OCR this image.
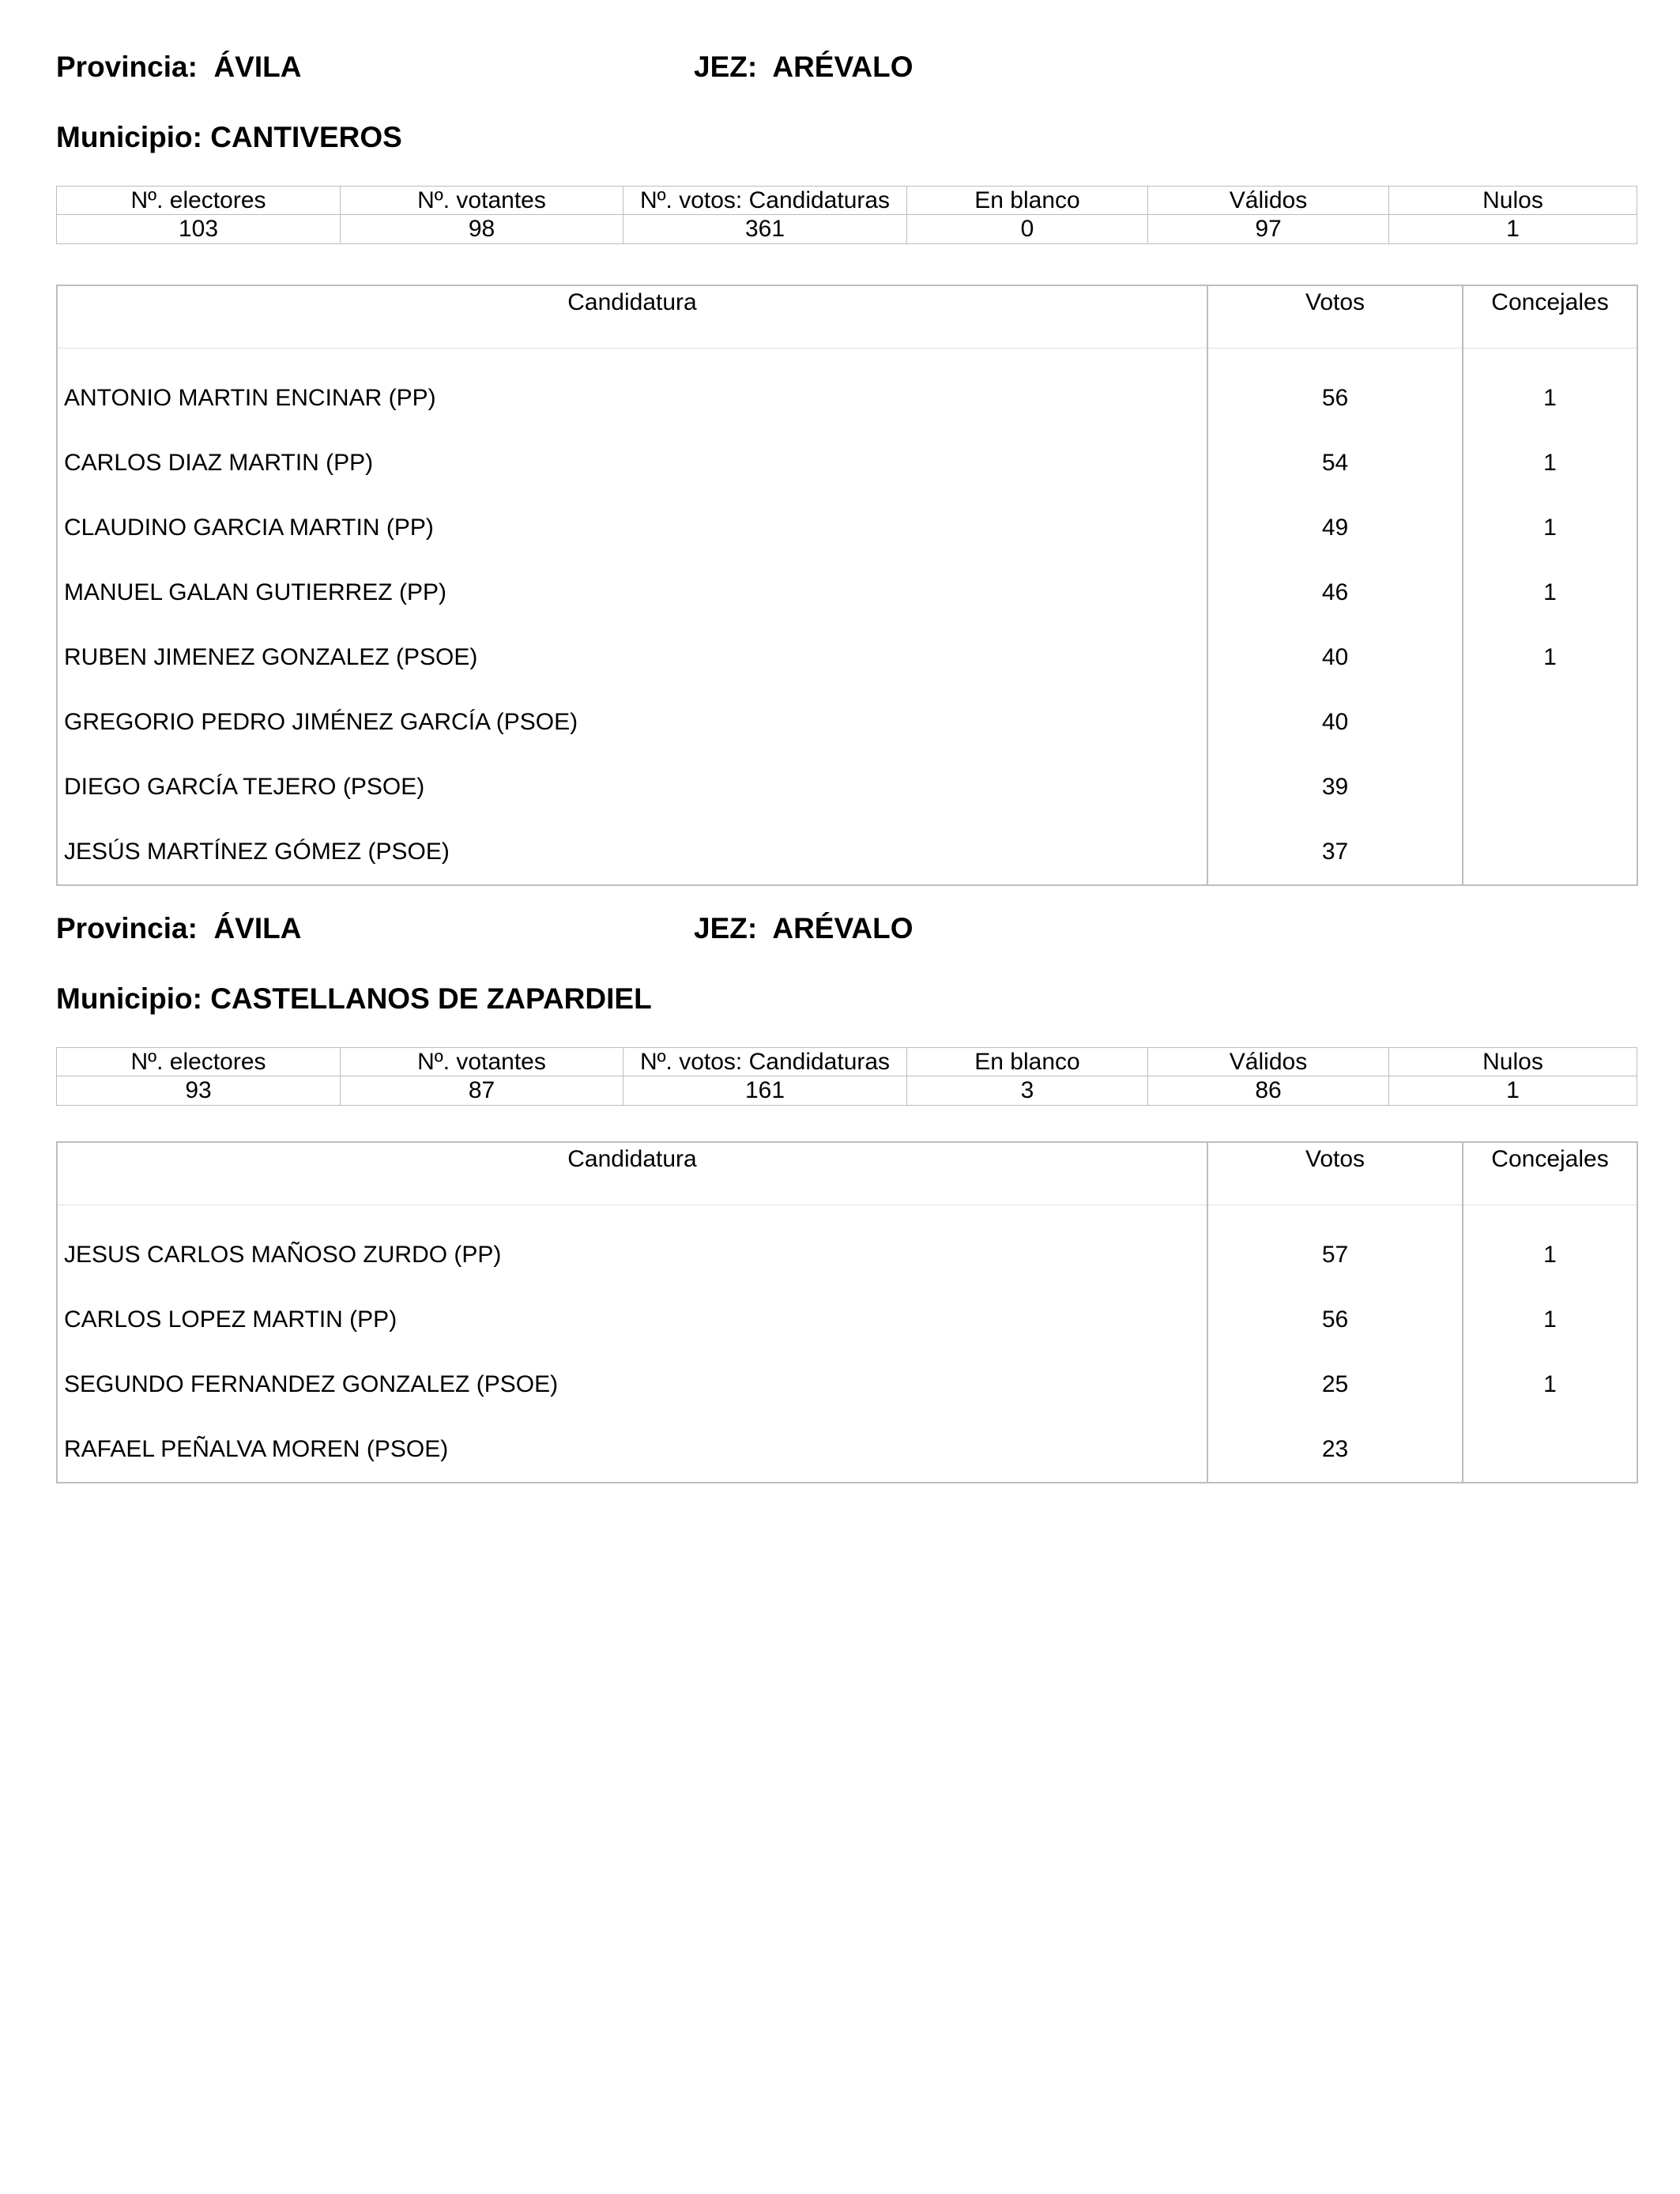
Provincia:  ÁVILA	JEZ:  ARÉVALO
Municipio: CANTIVEROS
Nº. electores	Nº. votantes	Nº. votos: Candidaturas	En blanco	Válidos	Nulos
103	98	361	0	97	1
Candidatura	Votos	Concejales
ANTONIO MARTIN ENCINAR (PP)	56	1
CARLOS DIAZ MARTIN (PP)	54	1
CLAUDINO GARCIA MARTIN (PP)	49	1
MANUEL GALAN GUTIERREZ (PP)	46	1
RUBEN JIMENEZ GONZALEZ (PSOE)	40	1
GREGORIO PEDRO JIMÉNEZ GARCÍA (PSOE)	40	
DIEGO GARCÍA TEJERO (PSOE)	39	
JESÚS MARTÍNEZ GÓMEZ (PSOE)	37	
Provincia:  ÁVILA	JEZ:  ARÉVALO
Municipio: CASTELLANOS DE ZAPARDIEL
Nº. electores	Nº. votantes	Nº. votos: Candidaturas	En blanco	Válidos	Nulos
93	87	161	3	86	1
Candidatura	Votos	Concejales
JESUS CARLOS MAÑOSO ZURDO (PP)	57	1
CARLOS LOPEZ MARTIN (PP)	56	1
SEGUNDO FERNANDEZ GONZALEZ (PSOE)	25	1
RAFAEL PEÑALVA MOREN (PSOE)	23	
